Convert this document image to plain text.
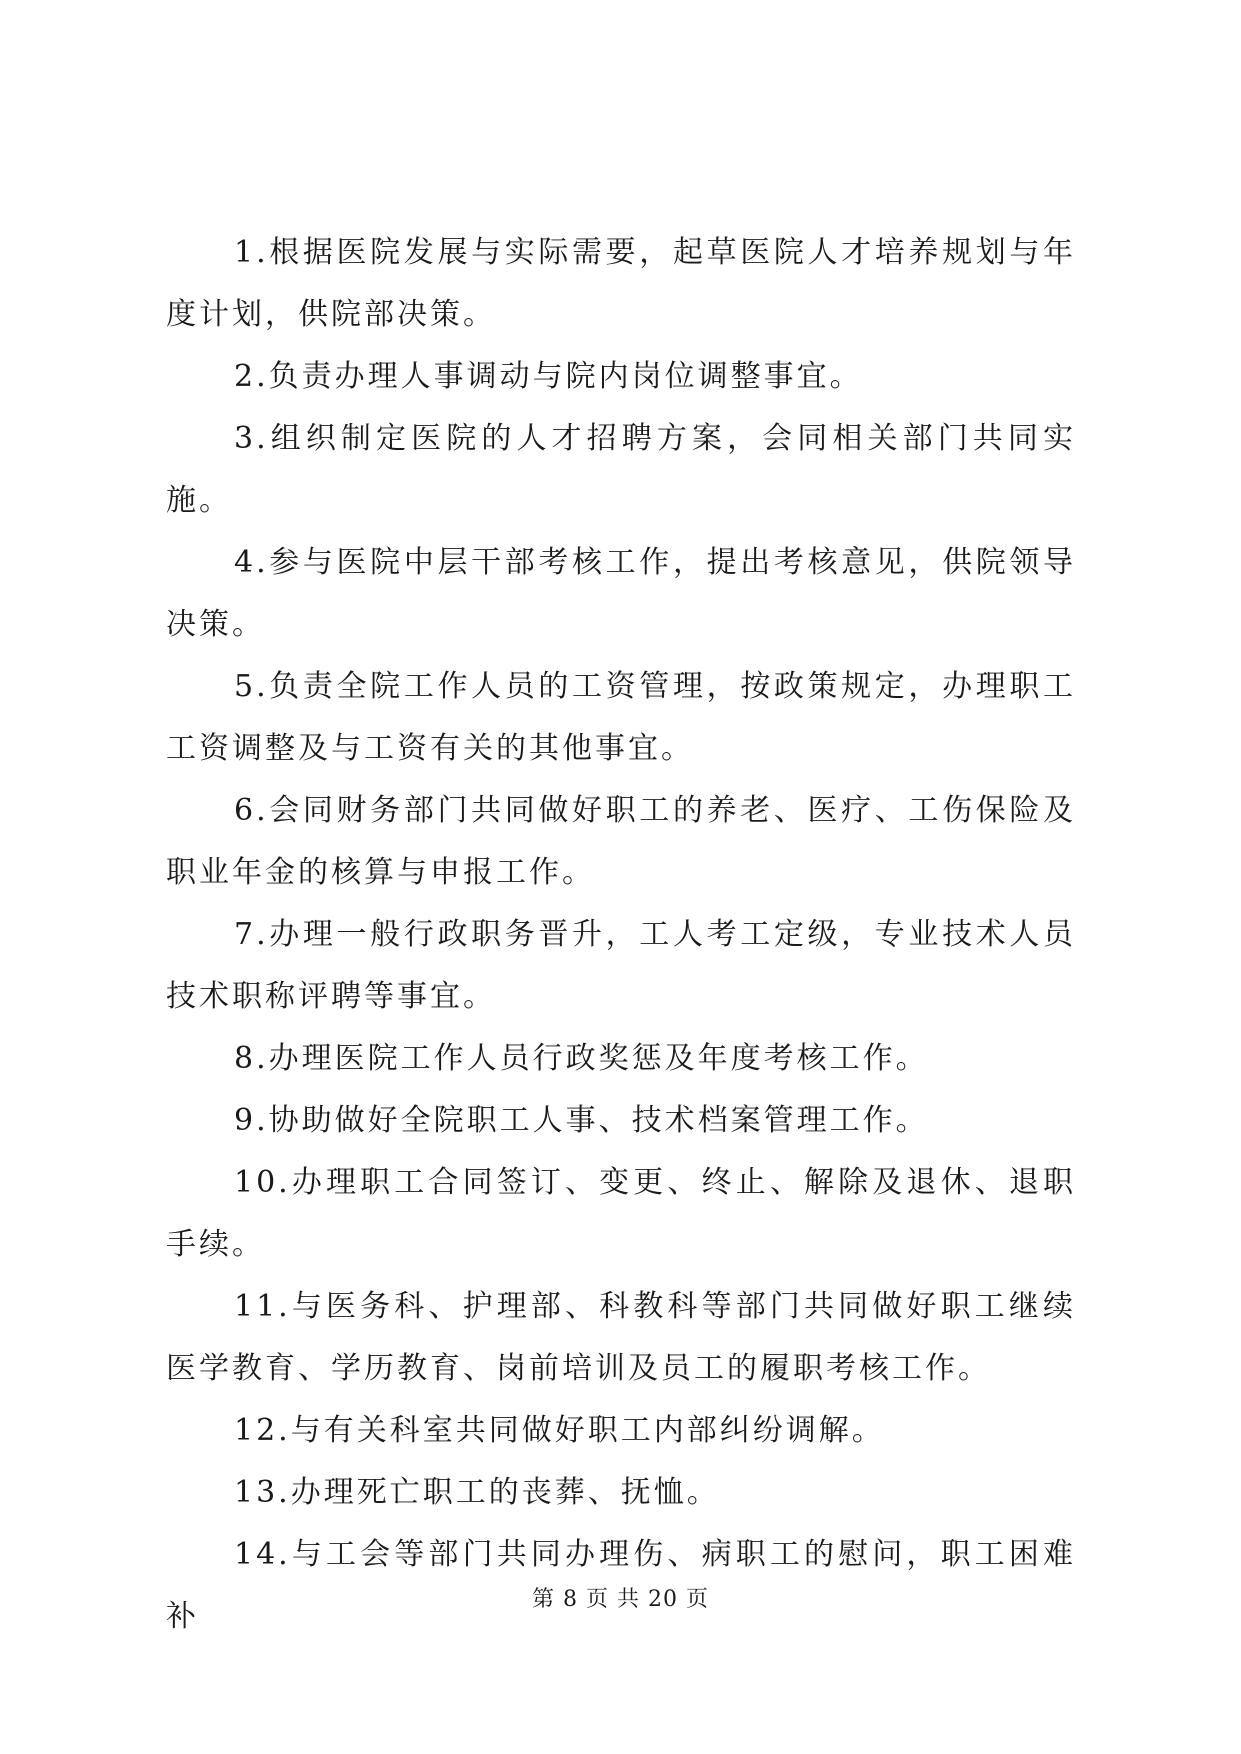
1.根据医院发展与实际需要，起草医院人才培养规划与年度计划，供院部决策。

2.负责办理人事调动与院内岗位调整事宜。

3.组织制定医院的人才招聘方案，会同相关部门共同实施。

4.参与医院中层干部考核工作，提出考核意见，供院领导决策。

5.负责全院工作人员的工资管理，按政策规定，办理职工工资调整及与工资有关的其他事宜。

6.会同财务部门共同做好职工的养老、医疗、工伤保险及职业年金的核算与申报工作。

7.办理一般行政职务晋升，工人考工定级，专业技术人员技术职称评聘等事宜。

8.办理医院工作人员行政奖惩及年度考核工作。

9.协助做好全院职工人事、技术档案管理工作。

10.办理职工合同签订、变更、终止、解除及退休、退职手续。

11.与医务科、护理部、科教科等部门共同做好职工继续医学教育、学历教育、岗前培训及员工的履职考核工作。

12.与有关科室共同做好职工内部纠纷调解。

13.办理死亡职工的丧葬、抚恤。

14.与工会等部门共同办理伤、病职工的慰问，职工困难补	第 8 页 共 20 页
